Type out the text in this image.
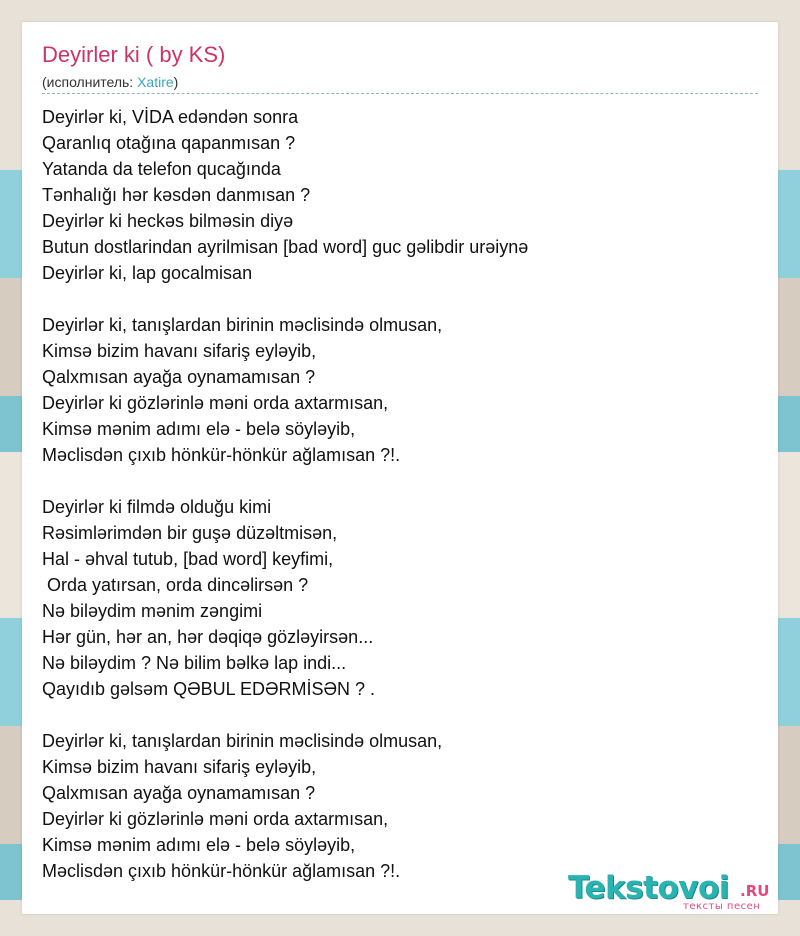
Deyirler ki ( by KS)
(исполнитель: Xatire)
Deyirlər ki, VİDA edəndən sonra
Qaranlıq otağına qapanmısan ?
Yatanda da telefon qucağında
Tənhalığı hər kəsdən danmısan ?
Deyirlər ki heckəs bilməsin diyə
Butun dostlarindan ayrilmisan [bad word] guc gəlibdir urəiynə
Deyirlər ki, lap gocalmisan
Deyirlər ki, tanışlardan birinin məclisində olmusan,
Kimsə bizim havanı sifariş eyləyib,
Qalxmısan ayağa oynamamısan ?
Deyirlər ki gözlərinlə məni orda axtarmısan,
Kimsə mənim adımı elə - belə söyləyib,
Məclisdən çıxıb hönkür-hönkür ağlamısan ?!.
Deyirlər ki filmdə olduğu kimi
Rəsimlərimdən bir guşə düzəltmisən,
Hal - əhval tutub, [bad word] keyfimi,
Orda yatırsan, orda dincəlirsən ?
Nə biləydim mənim zəngimi
Hər gün, hər an, hər dəqiqə gözləyirsən...
Nə biləydim ? Nə bilim bəlkə lap indi...
Qayıdıb gəlsəm QƏBUL EDƏRMİSƏN ? .
Deyirlər ki, tanışlardan birinin məclisində olmusan,
Kimsə bizim havanı sifariş eyləyib,
Qalxmısan ayağa oynamamısan ?
Deyirlər ki gözlərinlə məni orda axtarmısan,
Kimsə mənim adımı elə - belə söyləyib,
Məclisdən çıxıb hönkür-hönkür ağlamısan ?!.	Tekstovoi .RU
тексты песен
